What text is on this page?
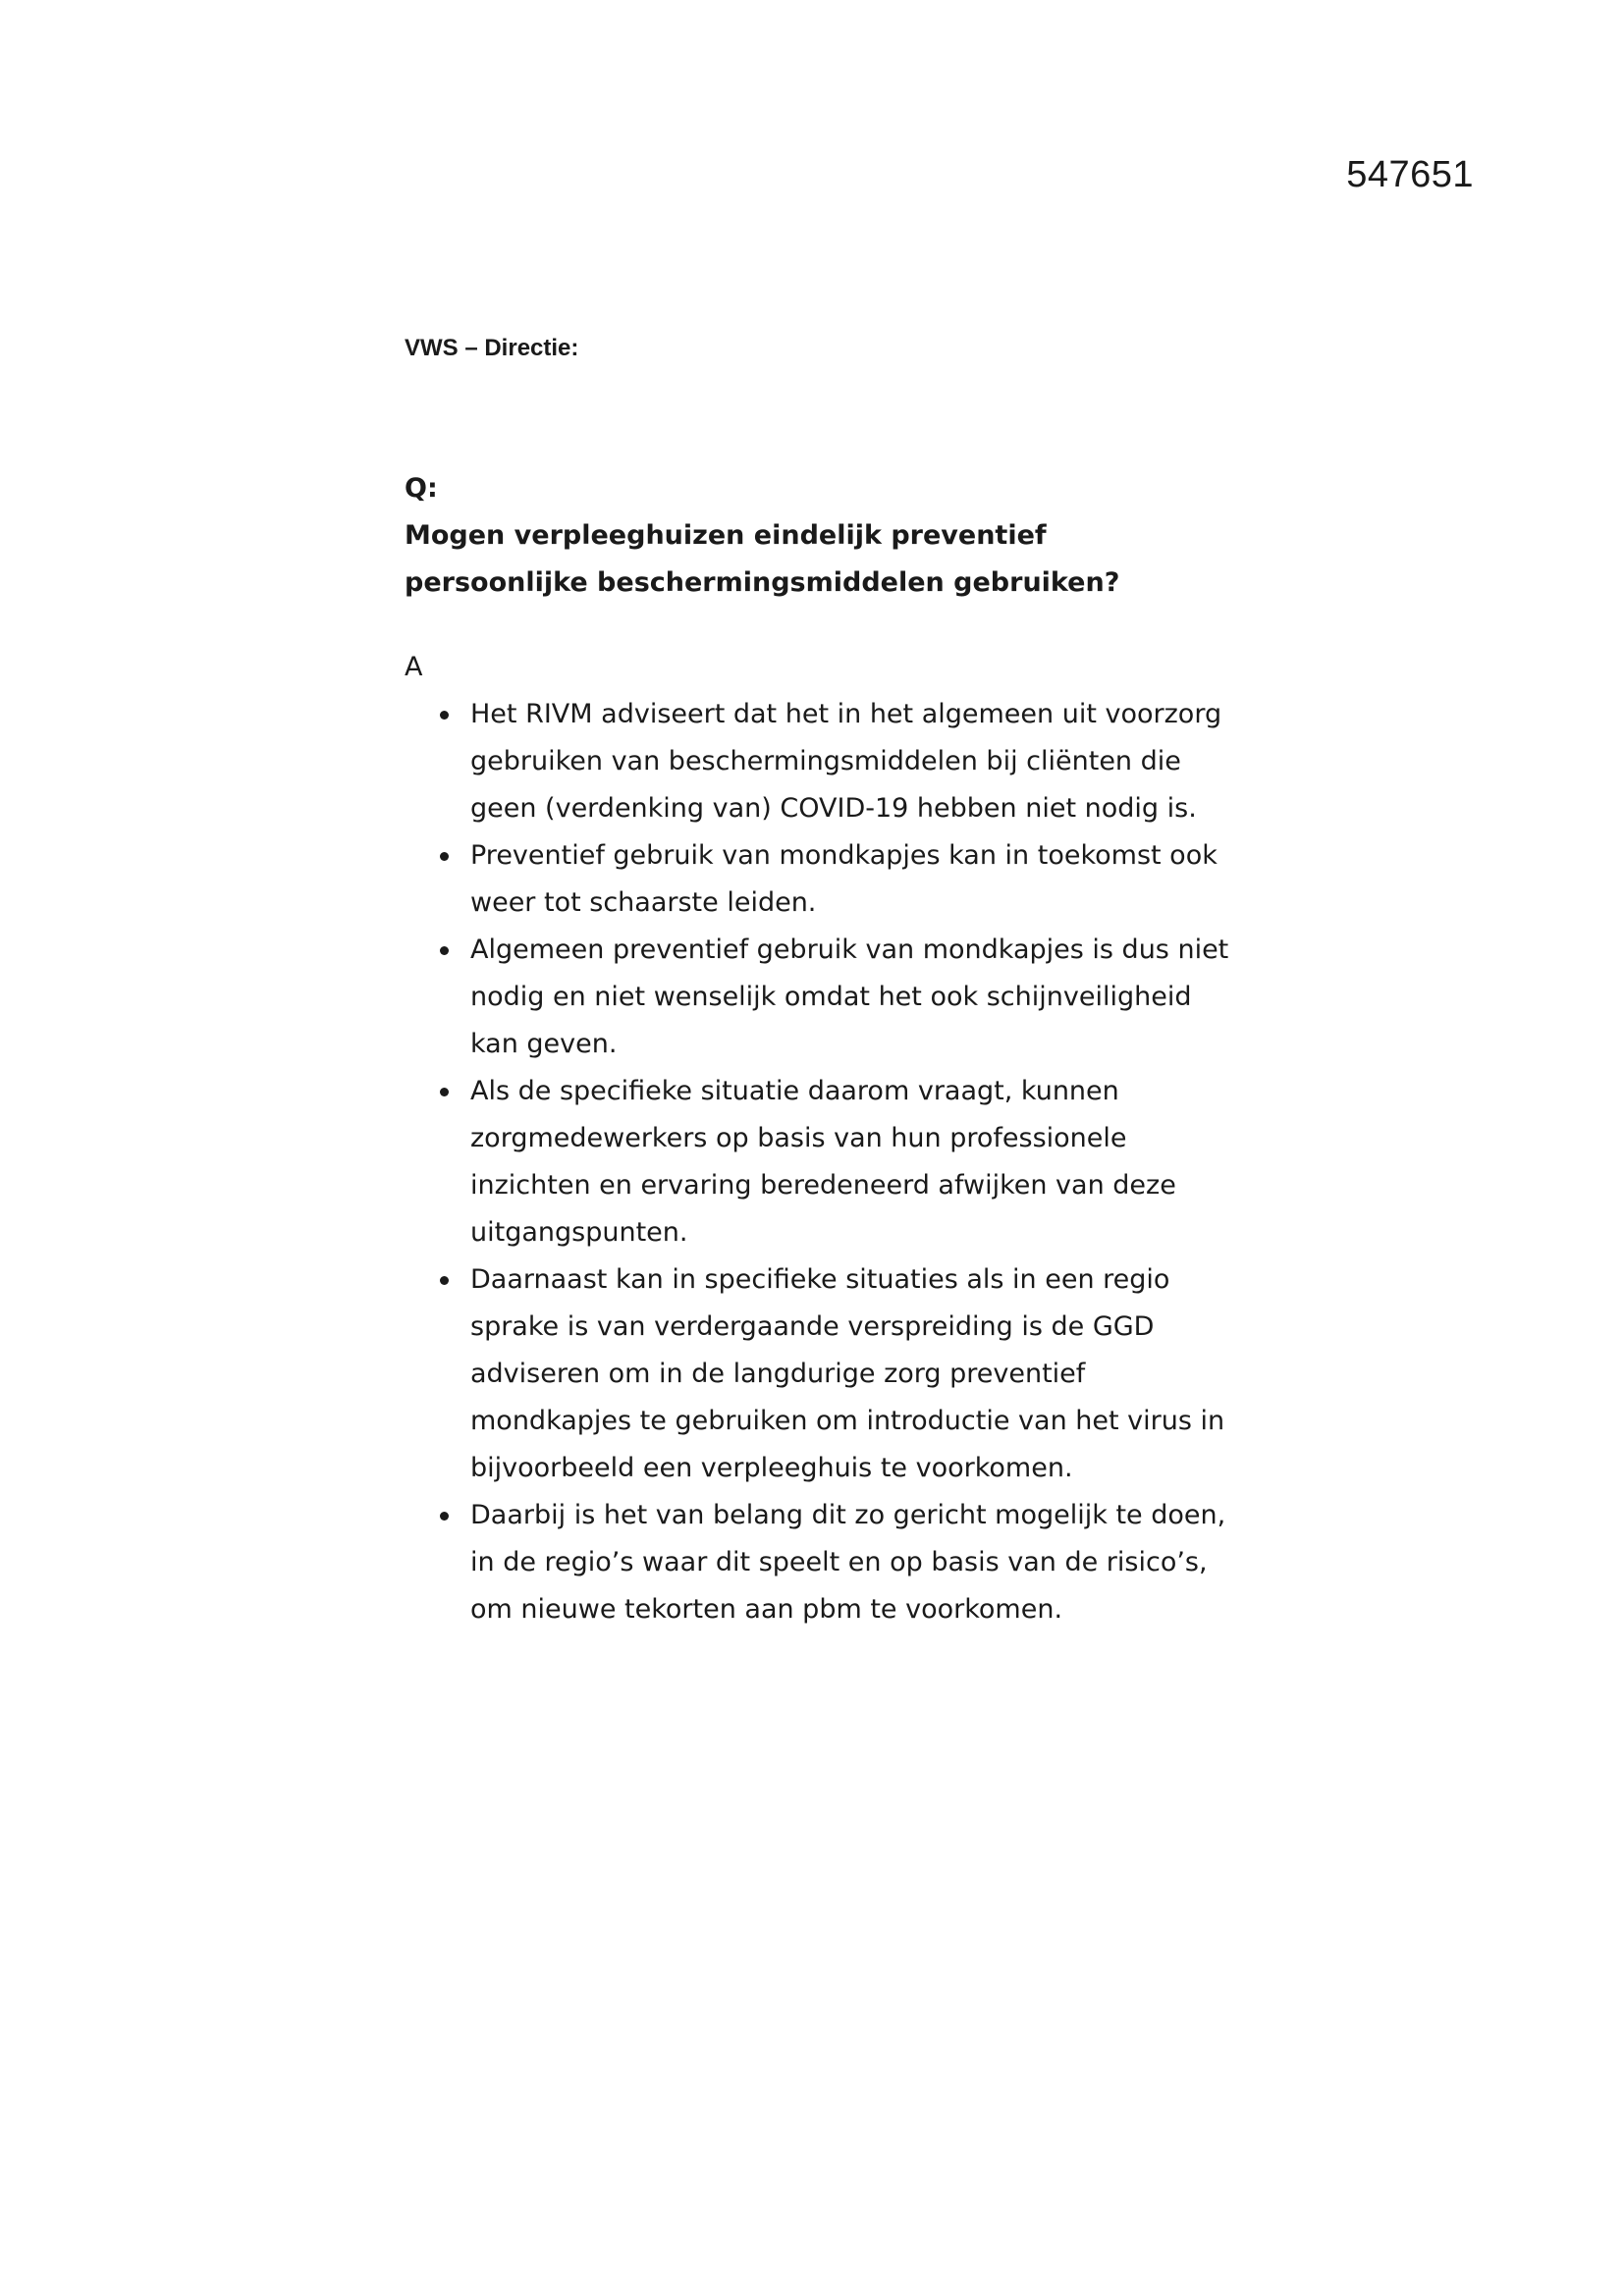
547651

VWS – Directie:

Q:

Mogen verpleeghuizen eindelijk preventief persoonlijke beschermingsmiddelen gebruiken?

A

Het RIVM adviseert dat het in het algemeen uit voorzorg gebruiken van beschermingsmiddelen bij cliënten die geen (verdenking van) COVID-19 hebben niet nodig is.
Preventief gebruik van mondkapjes kan in toekomst ook weer tot schaarste leiden.
Algemeen preventief gebruik van mondkapjes is dus niet nodig en niet wenselijk omdat het ook schijnveiligheid kan geven.
Als de specifieke situatie daarom vraagt, kunnen zorgmedewerkers op basis van hun professionele inzichten en ervaring beredeneerd afwijken van deze uitgangspunten.
Daarnaast kan in specifieke situaties als in een regio sprake is van verdergaande verspreiding is de GGD adviseren om in de langdurige zorg preventief mondkapjes te gebruiken om introductie van het virus in bijvoorbeeld een verpleeghuis te voorkomen.
Daarbij is het van belang dit zo gericht mogelijk te doen, in de regio’s waar dit speelt en op basis van de risico’s, om nieuwe tekorten aan pbm te voorkomen.
